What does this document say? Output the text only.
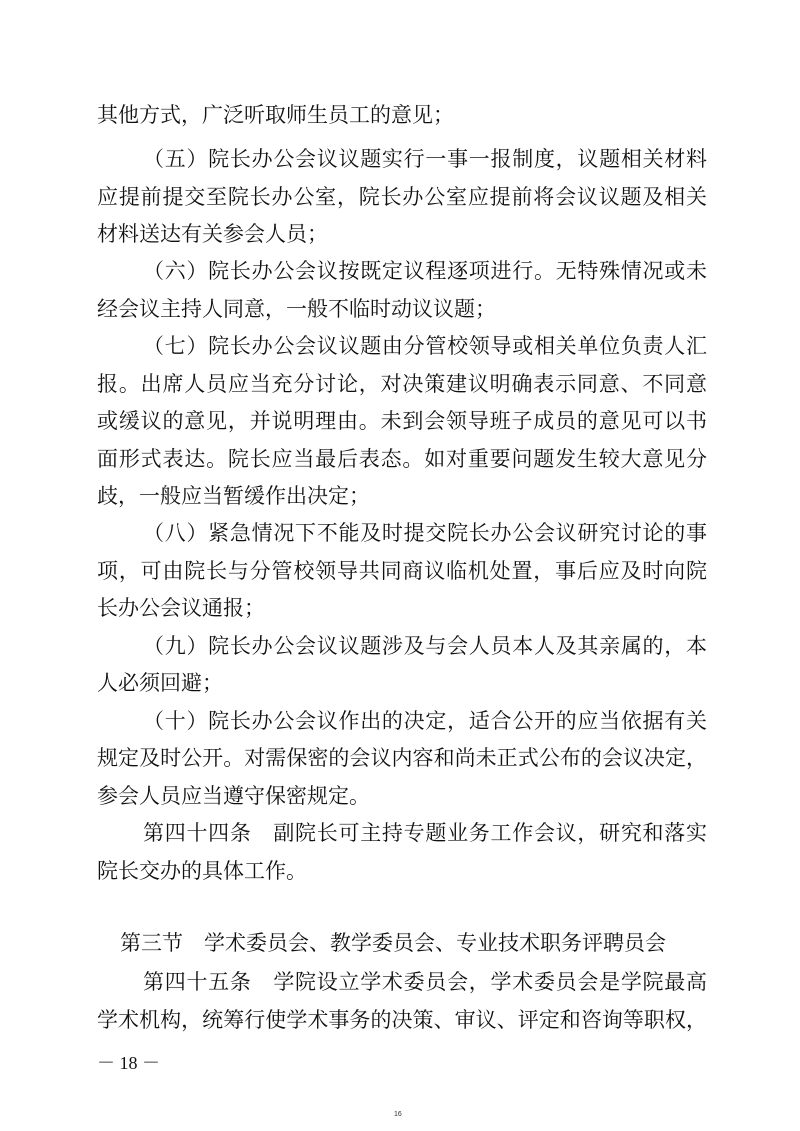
其他方式，广泛听取师生员工的意见；
（五）院长办公会议议题实行一事一报制度，议题相关材料
应提前提交至院长办公室，院长办公室应提前将会议议题及相关
材料送达有关参会人员；
（六）院长办公会议按既定议程逐项进行。无特殊情况或未
经会议主持人同意，一般不临时动议议题；
（七）院长办公会议议题由分管校领导或相关单位负责人汇
报。出席人员应当充分讨论，对决策建议明确表示同意、不同意
或缓议的意见，并说明理由。未到会领导班子成员的意见可以书
面形式表达。院长应当最后表态。如对重要问题发生较大意见分
歧，一般应当暂缓作出决定；
（八）紧急情况下不能及时提交院长办公会议研究讨论的事
项，可由院长与分管校领导共同商议临机处置，事后应及时向院
长办公会议通报；
（九）院长办公会议议题涉及与会人员本人及其亲属的，本
人必须回避；
（十）院长办公会议作出的决定，适合公开的应当依据有关
规定及时公开。对需保密的会议内容和尚未正式公布的会议决定，
参会人员应当遵守保密规定。
第四十四条　副院长可主持专题业务工作会议，研究和落实
院长交办的具体工作。
第三节　学术委员会、教学委员会、专业技术职务评聘员会
第四十五条　学院设立学术委员会，学术委员会是学院最高
学术机构，统筹行使学术事务的决策、审议、评定和咨询等职权，
－ 18 －
16
